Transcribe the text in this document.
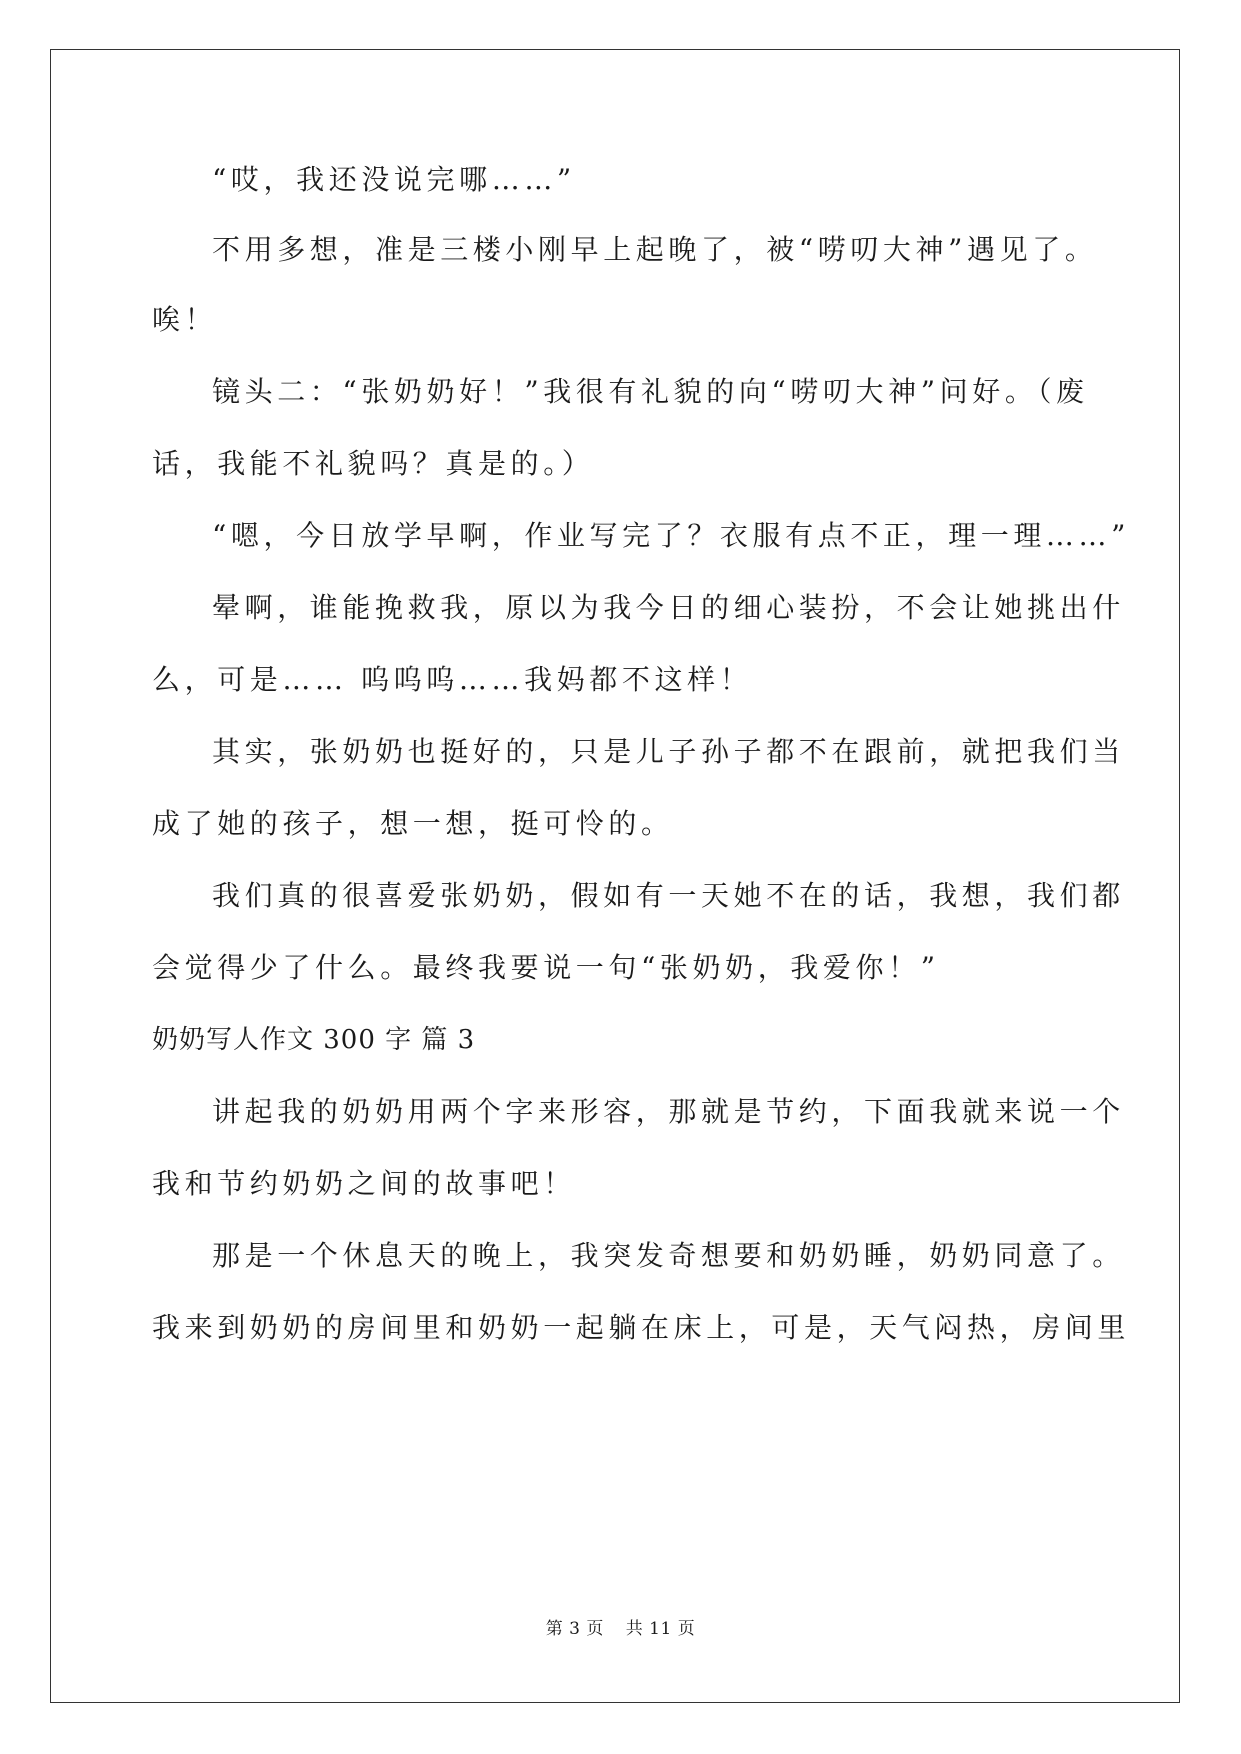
“哎，我还没说完哪……”
不用多想，准是三楼小刚早上起晚了，被“唠叨大神”遇见了。
唉！
镜头二：“张奶奶好！”我很有礼貌的向“唠叨大神”问好。（废
话，我能不礼貌吗？真是的。）
“嗯，今日放学早啊，作业写完了？衣服有点不正，理一理……”
晕啊，谁能挽救我，原以为我今日的细心装扮，不会让她挑出什
么，可是…… 呜呜呜……我妈都不这样！
其实，张奶奶也挺好的，只是儿子孙子都不在跟前，就把我们当
成了她的孩子，想一想，挺可怜的。
我们真的很喜爱张奶奶，假如有一天她不在的话，我想，我们都
会觉得少了什么。最终我要说一句“张奶奶，我爱你！”
奶奶写人作文 300 字 篇 3
讲起我的奶奶用两个字来形容，那就是节约，下面我就来说一个
我和节约奶奶之间的故事吧！
那是一个休息天的晚上，我突发奇想要和奶奶睡，奶奶同意了。
我来到奶奶的房间里和奶奶一起躺在床上，可是，天气闷热，房间里
第 3 页 共 11 页
